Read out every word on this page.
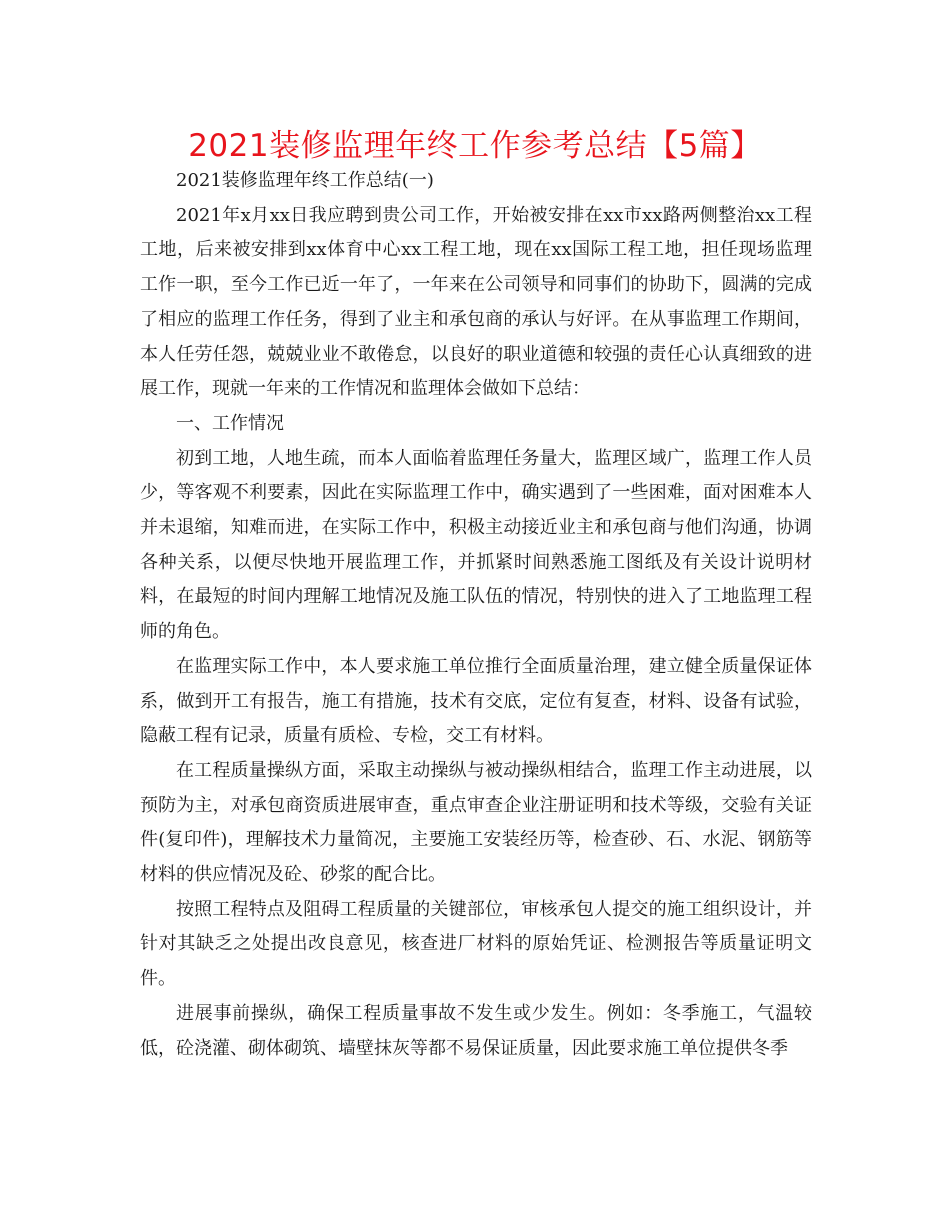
2021装修监理年终工作参考总结【5篇】

2021装修监理年终工作总结(一)

2021年x月xx日我应聘到贵公司工作，开始被安排在xx市xx路两侧整治xx工程工地，后来被安排到xx体育中心xx工程工地，现在xx国际工程工地，担任现场监理工作一职，至今工作已近一年了，一年来在公司领导和同事们的协助下，圆满的完成了相应的监理工作任务，得到了业主和承包商的承认与好评。在从事监理工作期间，本人任劳任怨，兢兢业业不敢倦怠，以良好的职业道德和较强的责任心认真细致的进展工作，现就一年来的工作情况和监理体会做如下总结：

一、工作情况

初到工地，人地生疏，而本人面临着监理任务量大，监理区域广，监理工作人员少，等客观不利要素，因此在实际监理工作中，确实遇到了一些困难，面对困难本人并未退缩，知难而进，在实际工作中，积极主动接近业主和承包商与他们沟通，协调各种关系，以便尽快地开展监理工作，并抓紧时间熟悉施工图纸及有关设计说明材料，在最短的时间内理解工地情况及施工队伍的情况，特别快的进入了工地监理工程师的角色。

在监理实际工作中，本人要求施工单位推行全面质量治理，建立健全质量保证体系，做到开工有报告，施工有措施，技术有交底，定位有复查，材料、设备有试验，隐蔽工程有记录，质量有质检、专检，交工有材料。

在工程质量操纵方面，采取主动操纵与被动操纵相结合，监理工作主动进展，以预防为主，对承包商资质进展审查，重点审查企业注册证明和技术等级，交验有关证件(复印件)，理解技术力量简况，主要施工安装经历等，检查砂、石、水泥、钢筋等材料的供应情况及砼、砂浆的配合比。

按照工程特点及阻碍工程质量的关键部位，审核承包人提交的施工组织设计，并针对其缺乏之处提出改良意见，核查进厂材料的原始凭证、检测报告等质量证明文件。

进展事前操纵，确保工程质量事故不发生或少发生。例如：冬季施工，气温较低，砼浇灌、砌体砌筑、墙壁抹灰等都不易保证质量，因此要求施工单位提供冬季
